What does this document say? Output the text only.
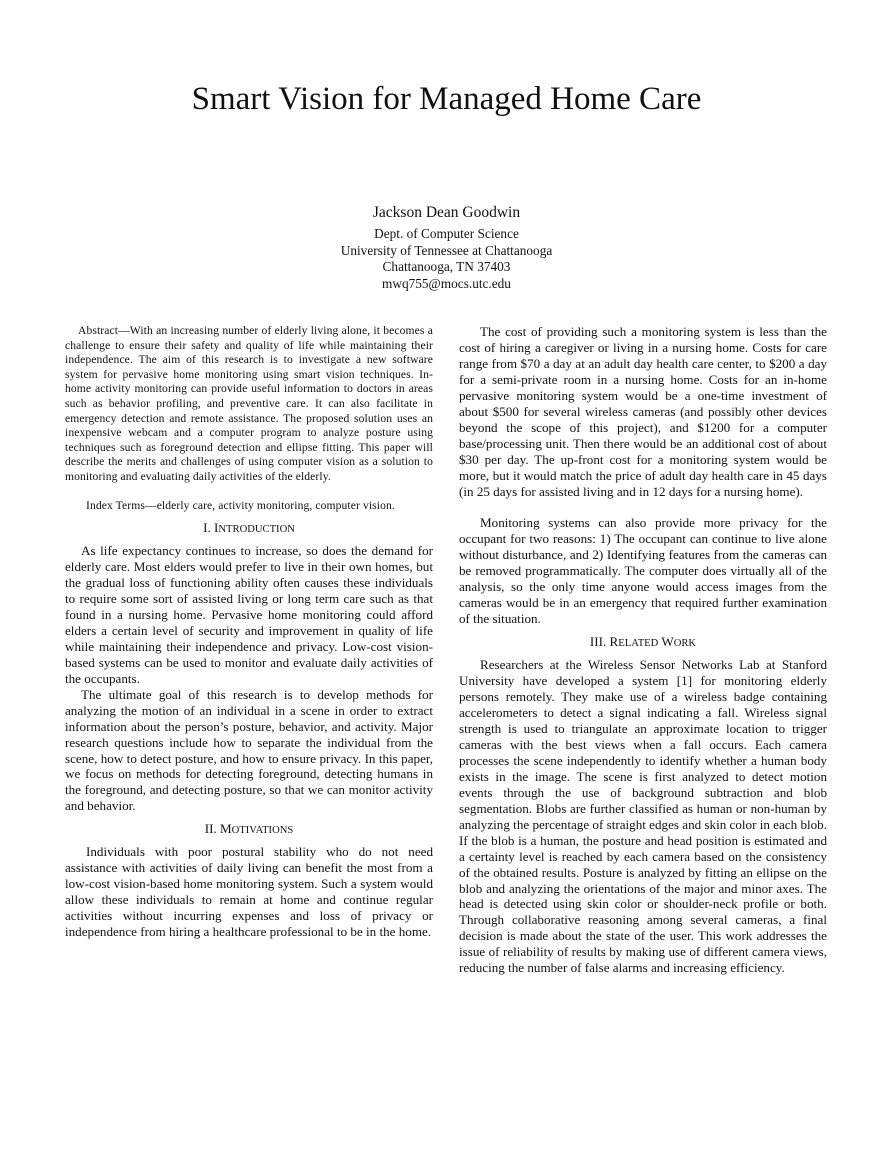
Smart Vision for Managed Home Care
Jackson Dean Goodwin
Dept. of Computer Science
University of Tennessee at Chattanooga
Chattanooga, TN 37403
mwq755@mocs.utc.edu

Abstract—With an increasing number of elderly living alone, it becomes a challenge to ensure their safety and quality of life while maintaining their independence. The aim of this research is to investigate a new software system for pervasive home monitoring using smart vision techniques. In-home activity monitoring can provide useful information to doctors in areas such as behavior profiling, and preventive care. It can also facilitate in emergency detection and remote assistance. The proposed solution uses an inexpensive webcam and a computer program to analyze posture using techniques such as foreground detection and ellipse fitting. This paper will describe the merits and challenges of using computer vision as a solution to monitoring and evaluating daily activities of the elderly.

Index Terms—elderly care, activity monitoring, computer vision.

I. INTRODUCTION

As life expectancy continues to increase, so does the demand for elderly care. Most elders would prefer to live in their own homes, but the gradual loss of functioning ability often causes these individuals to require some sort of assisted living or long term care such as that found in a nursing home. Pervasive home monitoring could afford elders a certain level of security and improvement in quality of life while maintaining their independence and privacy. Low-cost vision-based systems can be used to monitor and evaluate daily activities of the occupants.

The ultimate goal of this research is to develop methods for analyzing the motion of an individual in a scene in order to extract information about the person’s posture, behavior, and activity. Major research questions include how to separate the individual from the scene, how to detect posture, and how to ensure privacy. In this paper, we focus on methods for detecting foreground, detecting humans in the foreground, and detecting posture, so that we can monitor activity and behavior.

II. MOTIVATIONS

Individuals with poor postural stability who do not need assistance with activities of daily living can benefit the most from a low-cost vision-based home monitoring system. Such a system would allow these individuals to remain at home and continue regular activities without incurring expenses and loss of privacy or independence from hiring a healthcare professional to be in the home.

The cost of providing such a monitoring system is less than the cost of hiring a caregiver or living in a nursing home. Costs for care range from $70 a day at an adult day health care center, to $200 a day for a semi-private room in a nursing home. Costs for an in-home pervasive monitoring system would be a one-time investment of about $500 for several wireless cameras (and possibly other devices beyond the scope of this project), and $1200 for a computer base/processing unit. Then there would be an additional cost of about $30 per day. The up-front cost for a monitoring system would be more, but it would match the price of adult day health care in 45 days (in 25 days for assisted living and in 12 days for a nursing home).

Monitoring systems can also provide more privacy for the occupant for two reasons: 1) The occupant can continue to live alone without disturbance, and 2) Identifying features from the cameras can be removed programmatically. The computer does virtually all of the analysis, so the only time anyone would access images from the cameras would be in an emergency that required further examination of the situation.

III. RELATED WORK

Researchers at the Wireless Sensor Networks Lab at Stanford University have developed a system [1] for monitoring elderly persons remotely. They make use of a wireless badge containing accelerometers to detect a signal indicating a fall. Wireless signal strength is used to triangulate an approximate location to trigger cameras with the best views when a fall occurs. Each camera processes the scene independently to identify whether a human body exists in the image. The scene is first analyzed to detect motion events through the use of background subtraction and blob segmentation. Blobs are further classified as human or non-human by analyzing the percentage of straight edges and skin color in each blob. If the blob is a human, the posture and head position is estimated and a certainty level is reached by each camera based on the consistency of the obtained results. Posture is analyzed by fitting an ellipse on the blob and analyzing the orientations of the major and minor axes. The head is detected using skin color or shoulder-neck profile or both. Through collaborative reasoning among several cameras, a final decision is made about the state of the user. This work addresses the issue of reliability of results by making use of different camera views, reducing the number of false alarms and increasing efficiency.
